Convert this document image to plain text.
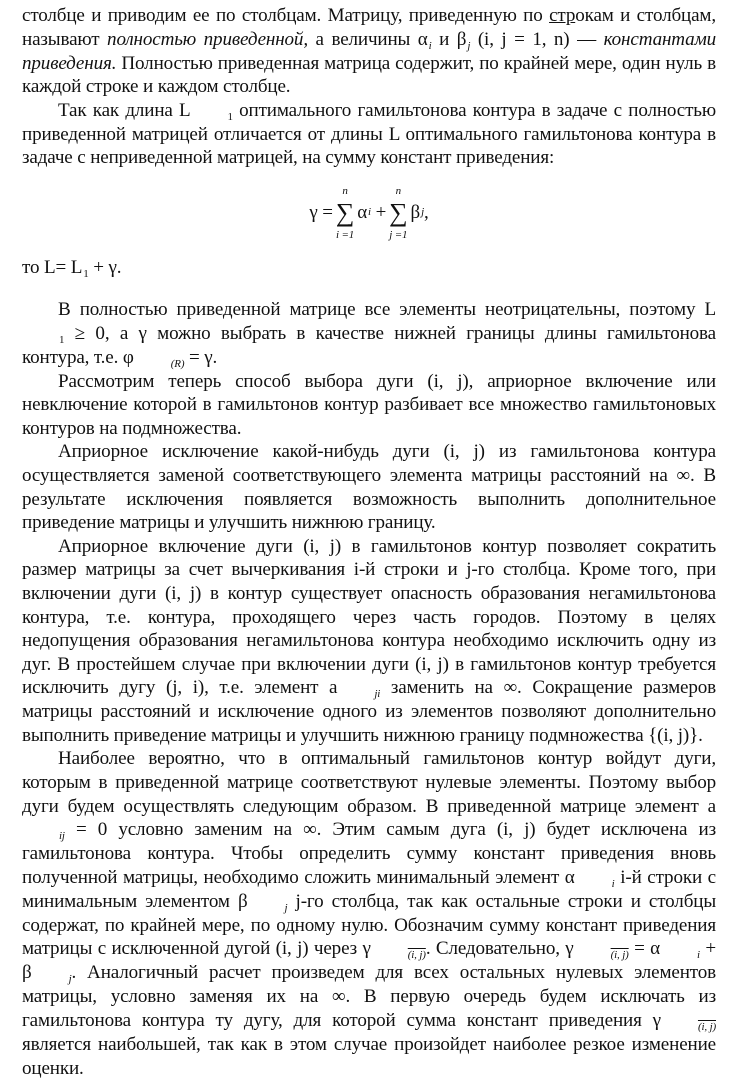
столбце и приводим ее по столбцам. Матрицу, приведенную по строкам и столбцам, называют полностью приведенной, а величины αi и βj (i, j = 1, n) — константами приведения. Полностью приведенная матрица содержит, по крайней мере, один нуль в каждой строке и каждом столбце.

Так как длина L	1 оптимального гамильтонова контура в задаче с полностью приведенной матрицей отличается от длины L оптимального гамильтонова контура в задаче с неприведенной матрицей, на сумму констант приведения:

γ =
n
∑
i =1
α i
+
n
∑
j =1
β j ,

то L= L1 + γ.

В полностью приведенной матрице все элементы неотрицательны, поэтому L1 ≥ 0, а γ можно выбрать в качестве нижней границы длины гамильтонова контура, т.е. φ	(R) = γ.

Рассмотрим теперь способ выбора дуги (i, j), априорное включение или невключение которой в гамильтонов контур разбивает все множество гамильтоновых контуров на подмножества.

Априорное исключение какой-нибудь дуги (i, j) из гамильтонова контура осуществляется заменой соответствующего элемента матрицы расстояний на ∞. В результате исключения появляется возможность выполнить дополнительное приведение матрицы и улучшить нижнюю границу.

Априорное включение дуги (i, j) в гамильтонов контур позволяет сократить размер матрицы за счет вычеркивания i-й строки и j-го столбца. Кроме того, при включении дуги (i, j) в контур существует опасность образования негамильтонова контура, т.е. контура, проходящего через часть городов. Поэтому в целях недопущения образования негамильтонова контура необходимо исключить одну из дуг. В простейшем случае при включении дуги (i, j) в гамильтонов контур требуется исключить дугу (j, i), т.е. элемент a	ji заменить на ∞. Сокращение размеров матрицы расстояний и исключение одного из элементов позволяют дополнительно выполнить приведение матрицы и улучшить нижнюю границу подмножества {(i, j)}.

Наиболее вероятно, что в оптимальный гамильтонов контур войдут дуги, которым в приведенной матрице соответствуют нулевые элементы. Поэтому выбор дуги будем осуществлять следующим образом. В приведенной матрице элемент aij = 0 условно заменим на ∞. Этим самым дуга (i, j) будет исключена из гамильтонова контура. Чтобы определить сумму констант приведения вновь полученной матрицы, необходимо сложить минимальный элемент α	i i-й строки с минимальным элементом β	j j-го столбца, так как остальные строки и столбцы содержат, по крайней мере, по одному нулю. Обозначим сумму констант приведения матрицы с исключенной дугой (i, j) через γ	(i, j). Следовательно, γ	(i, j) = α	i + β	j. Аналогичный расчет произведем для всех остальных нулевых элементов матрицы, условно заменяя их на ∞. В первую очередь будем исключать из гамильтонова контура ту дугу, для которой сумма констант приведения γ	(i, j) является наибольшей, так как в этом случае произойдет наиболее резкое изменение оценки.
